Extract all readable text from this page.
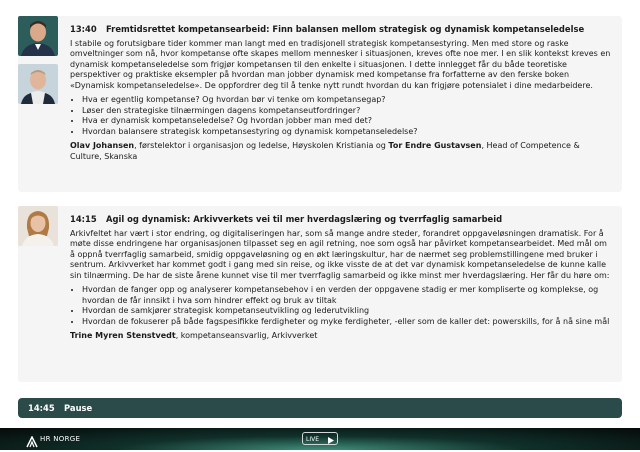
13:40 Fremtidsrettet kompetansearbeid: Finn balansen mellom strategisk og dynamisk kompetanseledelse

I stabile og forutsigbare tider kommer man langt med en tradisjonell strategisk kompetansestyring. Men med store og raske omveltninger som nå, hvor kompetanse ofte skapes mellom mennesker i situasjonen, kreves ofte noe mer. I en slik kontekst kreves en dynamisk kompetanseledelse som frigjør kompetansen til den enkelte i situasjonen. I dette innlegget får du både teoretiske perspektiver og praktiske eksempler på hvordan man jobber dynamisk med kompetanse fra forfatterne av den ferske boken «Dynamisk kompetanseledelse». De oppfordrer deg til å tenke nytt rundt hvordan du kan frigjøre potensialet i dine medarbeidere.

• Hva er egentlig kompetanse? Og hvordan bør vi tenke om kompetansegap?
• Løser den strategiske tilnærmingen dagens kompetanseutfordringer?
• Hva er dynamisk kompetanseledelse? Og hvordan jobber man med det?
• Hvordan balansere strategisk kompetansestyring og dynamisk kompetanseledelse?
Olav Johansen, førstelektor i organisasjon og ledelse, Høyskolen Kristiania og Tor Endre Gustavsen, Head of Competence & Culture, Skanska
14:15 Agil og dynamisk: Arkivverkets vei til mer hverdagslæring og tverrfaglig samarbeid

Arkivfeltet har vært i stor endring, og digitaliseringen har, som så mange andre steder, forandret oppgaveløsningen dramatisk. For å møte disse endringene har organisasjonen tilpasset seg en agil retning, noe som også har påvirket kompetansearbeidet. Med mål om å oppnå tverrfaglig samarbeid, smidig oppgaveløsning og en økt læringskultur, har de nærmet seg problemstillingene med bruker i sentrum. Arkivverket har kommet godt i gang med sin reise, og ikke visste de at det var dynamisk kompetanseledelse de kunne kalle sin tilnærming. De har de siste årene kunnet vise til mer tverrfaglig samarbeid og ikke minst mer hverdagslæring. Her får du høre om:

• Hvordan de fanger opp og analyserer kompetansebehov i en verden der oppgavene stadig er mer kompliserte og komplekse, og hvordan de får innsikt i hva som hindrer effekt og bruk av tiltak
• Hvordan de samkjører strategisk kompetanseutvikling og lederutvikling
• Hvordan de fokuserer på både fagspesifikke ferdigheter og myke ferdigheter, -eller som de kaller det: powerskills, for å nå sine mål
Trine Myren Stenstvedt, kompetanseansvarlig, Arkivverket
14:45 Pause
HR NORGE	LIVE
